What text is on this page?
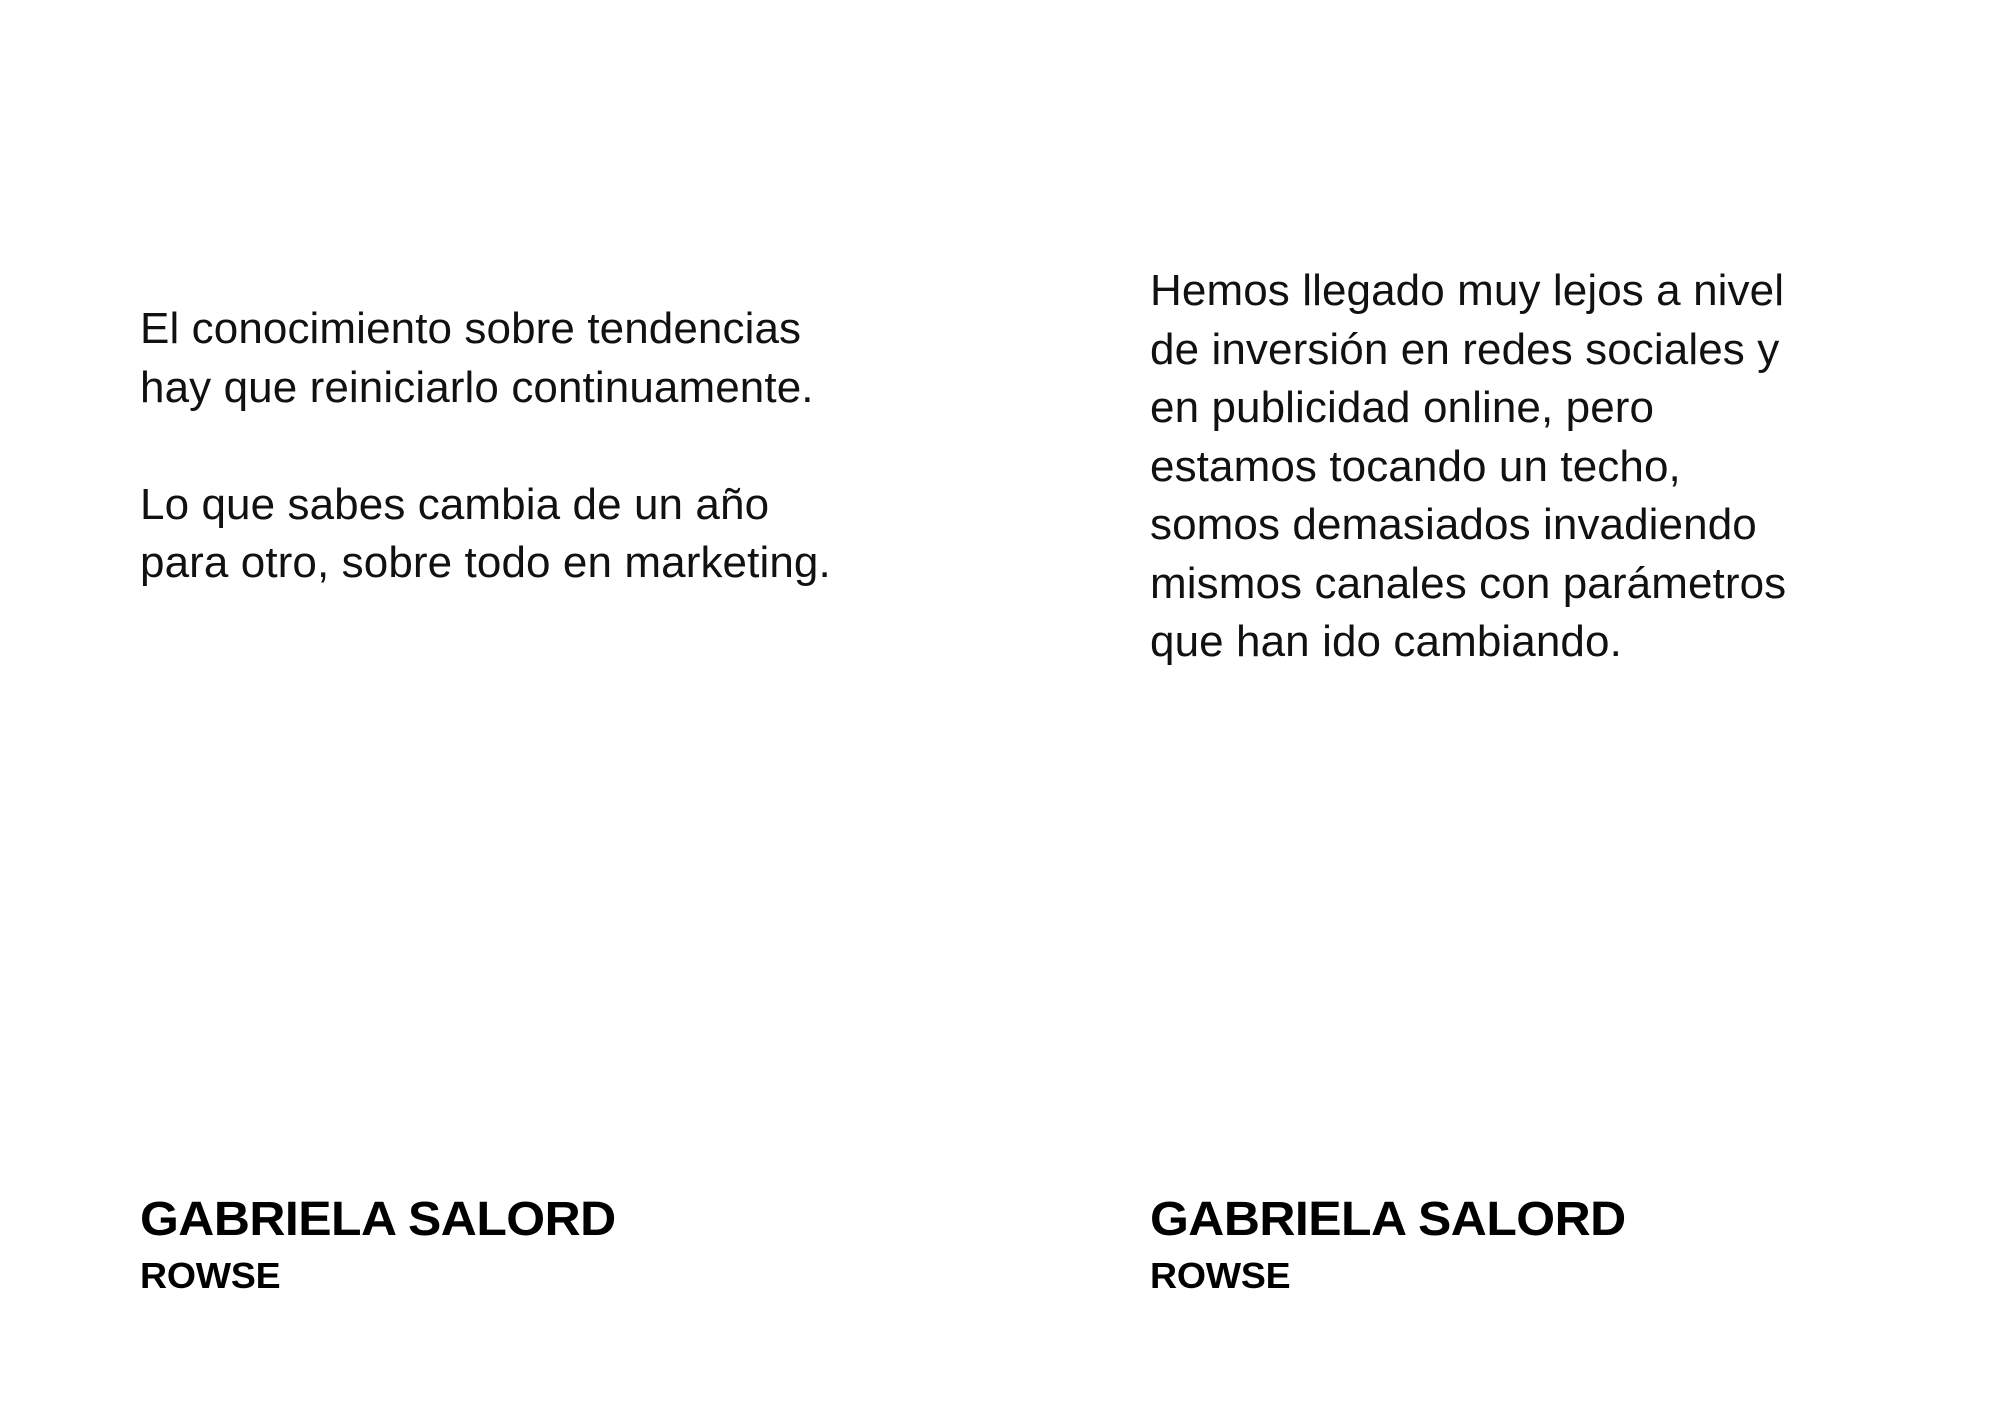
El conocimiento sobre tendencias hay que reiniciarlo continuamente.

Lo que sabes cambia de un año para otro, sobre todo en marketing.

GABRIELA SALORD
ROWSE

Hemos llegado muy lejos a nivel de inversión en redes sociales y en publicidad online, pero estamos tocando un techo, somos demasiados invadiendo mismos canales con parámetros que han ido cambiando.

GABRIELA SALORD
ROWSE
